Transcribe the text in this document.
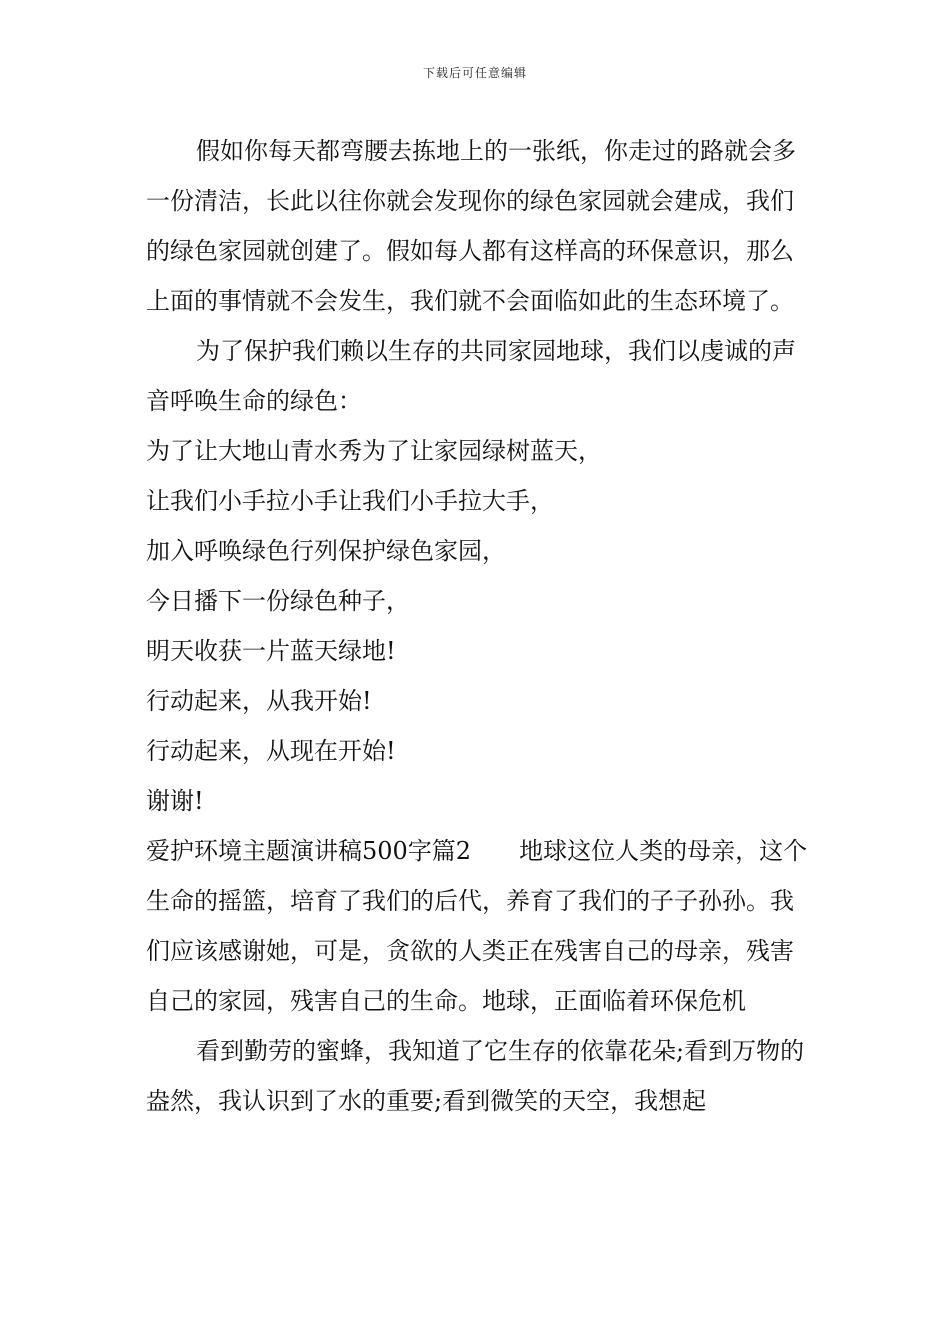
下载后可任意编辑

假如你每天都弯腰去拣地上的一张纸，你走过的路就会多一份清洁，长此以往你就会发现你的绿色家园就会建成，我们的绿色家园就创建了。假如每人都有这样高的环保意识，那么上面的事情就不会发生，我们就不会面临如此的生态环境了。

为了保护我们赖以生存的共同家园地球，我们以虔诚的声音呼唤生命的绿色：

为了让大地山青水秀为了让家园绿树蓝天，

让我们小手拉小手让我们小手拉大手，

加入呼唤绿色行列保护绿色家园，

今日播下一份绿色种子，

明天收获一片蓝天绿地!

行动起来，从我开始!

行动起来，从现在开始!

谢谢!

爱护环境主题演讲稿500字篇2 地球这位人类的母亲，这个生命的摇篮，培育了我们的后代，养育了我们的子子孙孙。我们应该感谢她，可是，贪欲的人类正在残害自己的母亲，残害自己的家园，残害自己的生命。地球，正面临着环保危机

看到勤劳的蜜蜂，我知道了它生存的依靠花朵;看到万物的盎然，我认识到了水的重要;看到微笑的天空，我想起
